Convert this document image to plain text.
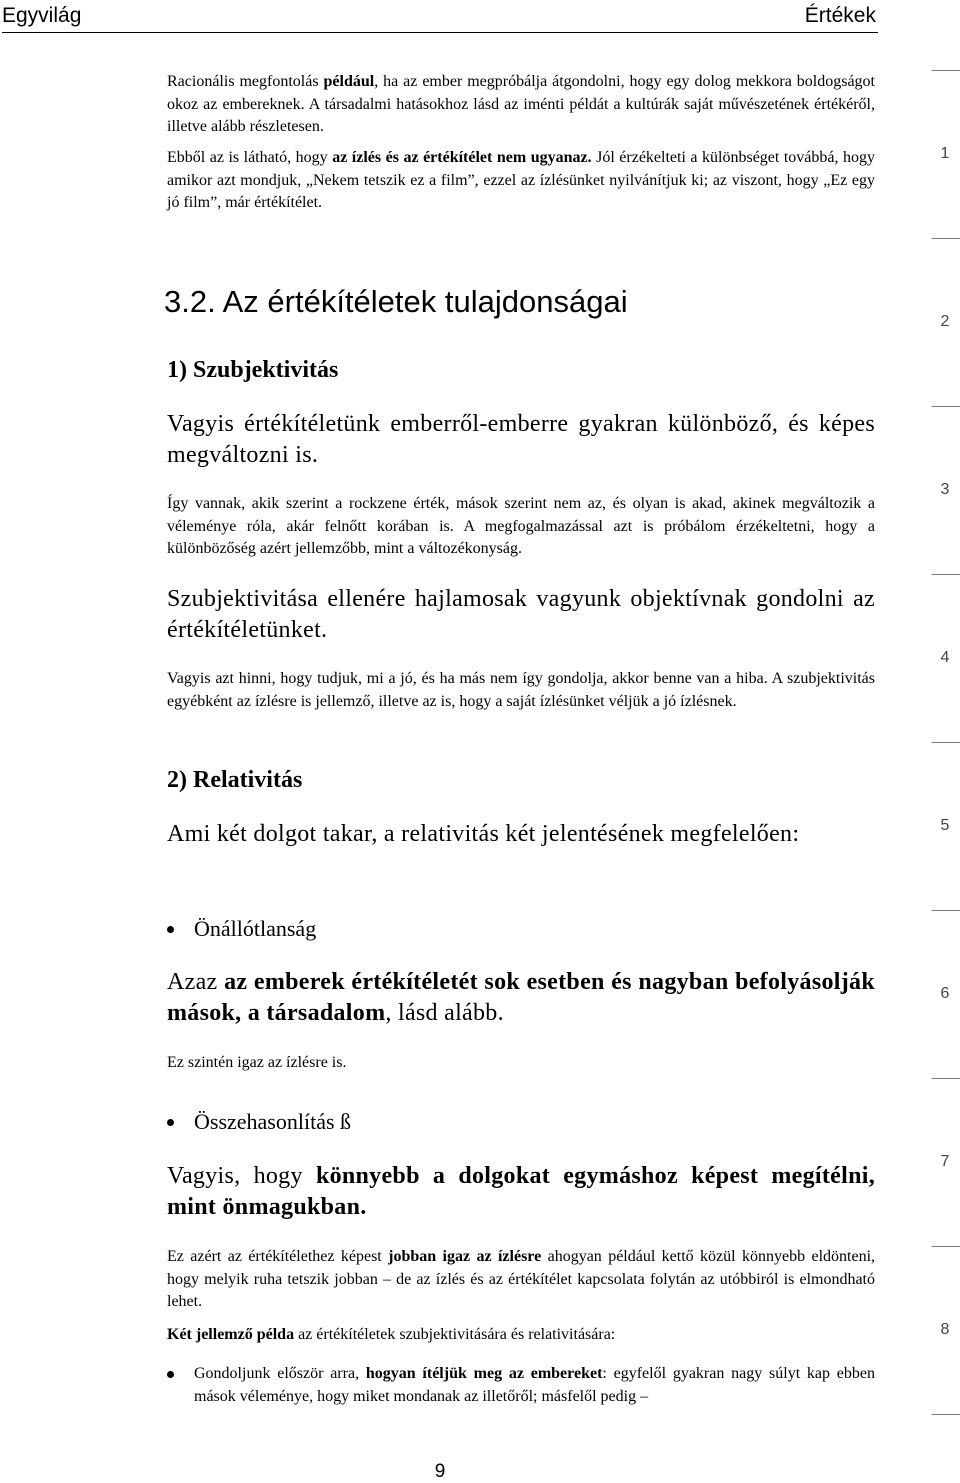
Egyvilág	Értékek
1
2
3
4
5
6
7
8

Racionális megfontolás például, ha az ember megpróbálja átgondolni, hogy egy dolog mekkora boldogságot okoz az embereknek. A társadalmi hatásokhoz lásd az iménti példát a kultúrák saját művészetének értékéről, illetve alább részletesen.

Ebből az is látható, hogy az ízlés és az értékítélet nem ugyanaz. Jól érzékelteti a különbséget továbbá, hogy amikor azt mondjuk, „Nekem tetszik ez a film”, ezzel az ízlésünket nyilvánítjuk ki; az viszont, hogy „Ez egy jó film”, már értékítélet.

3.2. Az értékítéletek tulajdonságai

1) Szubjektivitás

Vagyis értékítéletünk emberről-emberre gyakran különböző, és képes megváltozni is.

Így vannak, akik szerint a rockzene érték, mások szerint nem az, és olyan is akad, akinek megváltozik a véleménye róla, akár felnőtt korában is. A megfogalmazással azt is próbálom érzékeltetni, hogy a különbözőség azért jellemzőbb, mint a változékonyság.

Szubjektivitása ellenére hajlamosak vagyunk objektívnak gondolni az értékítéletünket.

Vagyis azt hinni, hogy tudjuk, mi a jó, és ha más nem így gondolja, akkor benne van a hiba. A szubjektivitás egyébként az ízlésre is jellemző, illetve az is, hogy a saját ízlésünket véljük a jó ízlésnek.

2) Relativitás

Ami két dolgot takar, a relativitás két jelentésének megfelelően:

Önállótlanság

Azaz az emberek értékítéletét sok esetben és nagyban befolyásolják mások, a társadalom, lásd alább.

Ez szintén igaz az ízlésre is.

Összehasonlítás ß

Vagyis, hogy könnyebb a dolgokat egymáshoz képest megítélni, mint önmagukban.

Ez azért az értékítélethez képest jobban igaz az ízlésre ahogyan például kettő közül könnyebb eldönteni, hogy melyik ruha tetszik jobban – de az ízlés és az értékítélet kapcsolata folytán az utóbbiról is elmondható lehet.

Két jellemző példa az értékítéletek szubjektivitására és relativitására:

Gondoljunk először arra, hogyan ítéljük meg az embereket: egyfelől gyakran nagy súlyt kap ebben mások véleménye, hogy miket mondanak az illetőről; másfelől pedig –

9
